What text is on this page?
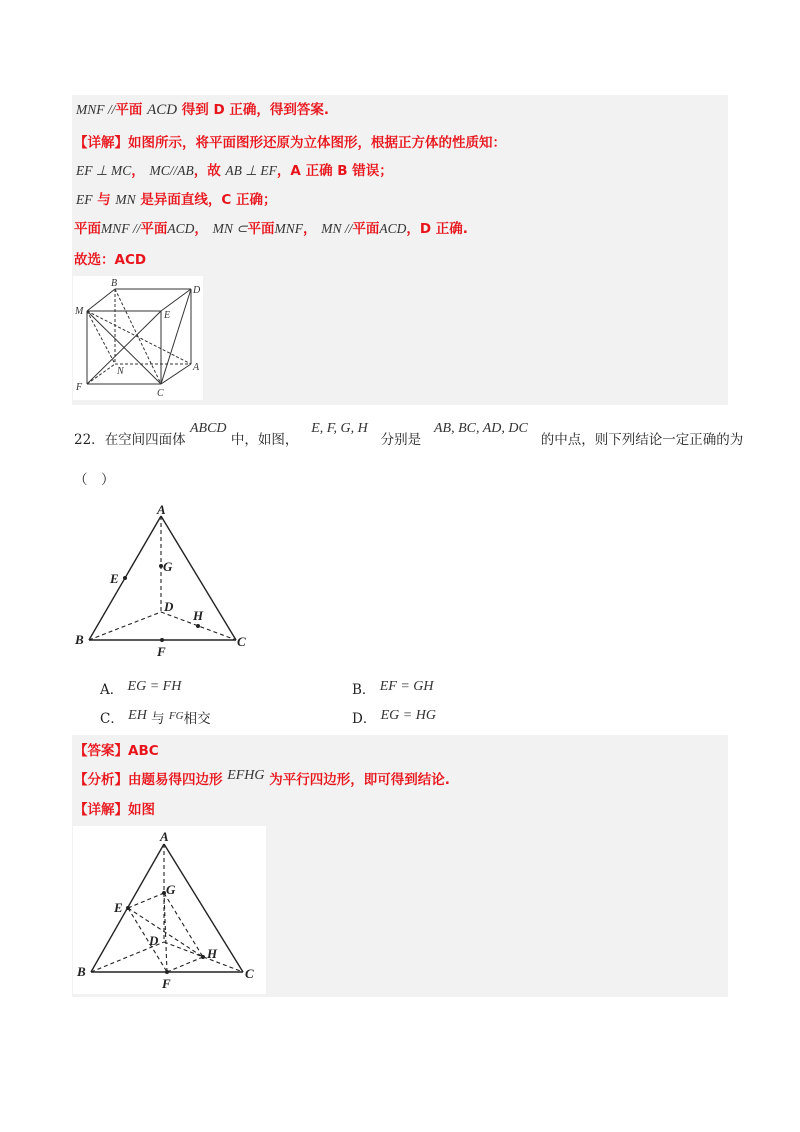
MNF //平面 ACD 得到 D 正确，得到答案.
【详解】如图所示，将平面图形还原为立体图形，根据正方体的性质知：
EF ⊥ MC， MC//AB，故 AB ⊥ EF，A 正确 B 错误；
EF 与 MN 是异面直线，C 正确；
平面MNF //平面ACD， MN ⊂平面MNF， MN //平面ACD，D 正确.
故选：ACD
B
D
M	E
N	A
F
C
22．在空间四面体 ABCD 中，如图，   E, F, G, H   分别是   AB, BC, AD, DC   的中点，则下列结论一定正确的为
（　）
A
E
G
D
H
B
F
C
A． EG = FH	B． EF = GH
C． EH 与 $^{FG}$相交	D． EG = HG
【答案】ABC
【分析】由题易得四边形 EFHG 为平行四边形，即可得到结论.
【详解】如图
A
G
E
D
H
B
F
C
